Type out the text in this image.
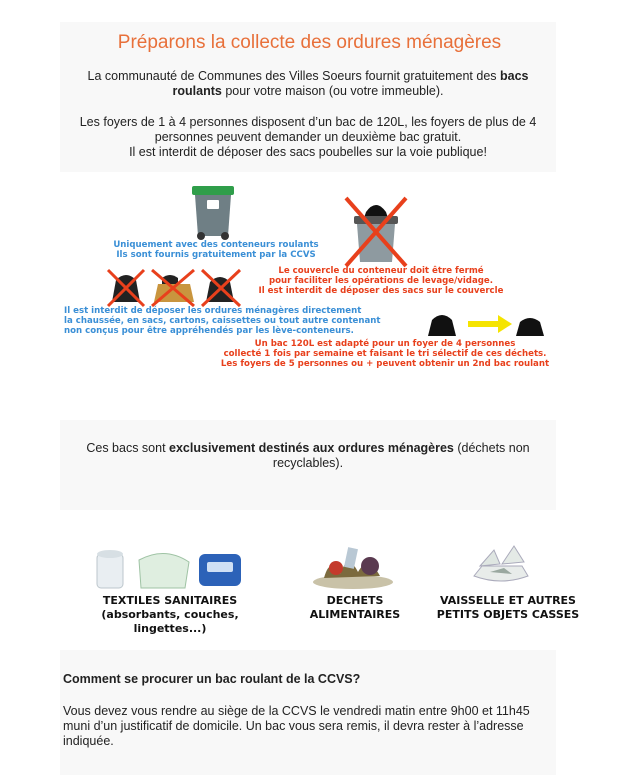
Préparons la collecte des ordures ménagères
La communauté de Communes des Villes Soeurs fournit gratuitement des bacs roulants pour votre maison (ou votre immeuble).
Les foyers de 1 à 4 personnes disposent d’un bac de 120L, les foyers de plus de 4 personnes peuvent demander un deuxième bac gratuit.
Il est interdit de déposer des sacs poubelles sur la voie publique!
Uniquement avec des conteneurs roulants
Ils sont fournis gratuitement par la CCVS
Le couvercle du conteneur doit être fermé
pour faciliter les opérations de levage/vidage.
Il est interdit de déposer des sacs sur le couvercle
Il est interdit de déposer les ordures ménagères directement
la chaussée, en sacs, cartons, caissettes ou tout autre contenant
non conçus pour être appréhendés par les lève-conteneurs.
Un bac 120L est adapté pour un foyer de 4 personnes
collecté 1 fois par semaine et faisant le tri sélectif de ces déchets.
Les foyers de 5 personnes ou + peuvent obtenir un 2nd bac roulant
Ces bacs sont exclusivement destinés aux ordures ménagères (déchets non recyclables).
TEXTILES SANITAIRES
(absorbants, couches, lingettes...)
DECHETS
ALIMENTAIRES
VAISSELLE ET AUTRES
PETITS OBJETS CASSES
Comment se procurer un bac roulant de la CCVS?
Vous devez vous rendre au siège de la CCVS le vendredi matin entre 9h00 et 11h45 muni d’un justificatif de domicile. Un bac vous sera remis, il devra rester à l’adresse indiquée.
